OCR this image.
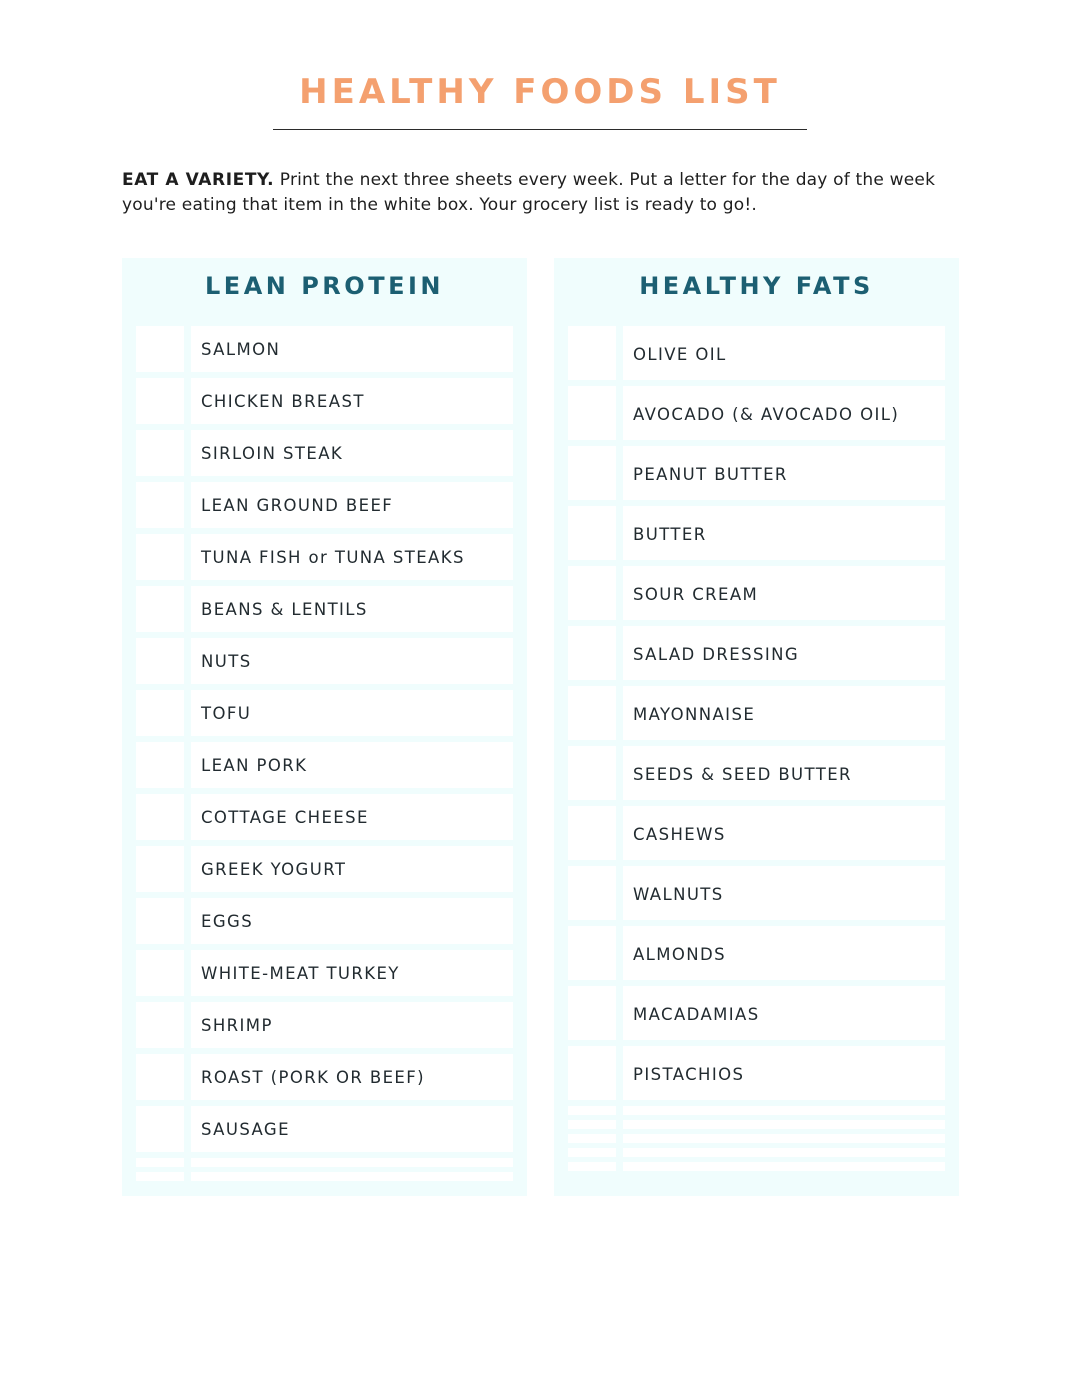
HEALTHY FOODS LIST

EAT A VARIETY. Print the next three sheets every week. Put a letter for the day of the week you're eating that item in the white box. Your grocery list is ready to go!.

LEAN PROTEIN
SALMON
CHICKEN BREAST
SIRLOIN STEAK
LEAN GROUND BEEF
TUNA FISH or TUNA STEAKS
BEANS & LENTILS
NUTS
TOFU
LEAN PORK
COTTAGE CHEESE
GREEK YOGURT
EGGS
WHITE-MEAT TURKEY
SHRIMP
ROAST (PORK OR BEEF)
SAUSAGE
HEALTHY FATS
OLIVE OIL
AVOCADO (& AVOCADO OIL)
PEANUT BUTTER
BUTTER
SOUR CREAM
SALAD DRESSING
MAYONNAISE
SEEDS & SEED BUTTER
CASHEWS
WALNUTS
ALMONDS
MACADAMIAS
PISTACHIOS
